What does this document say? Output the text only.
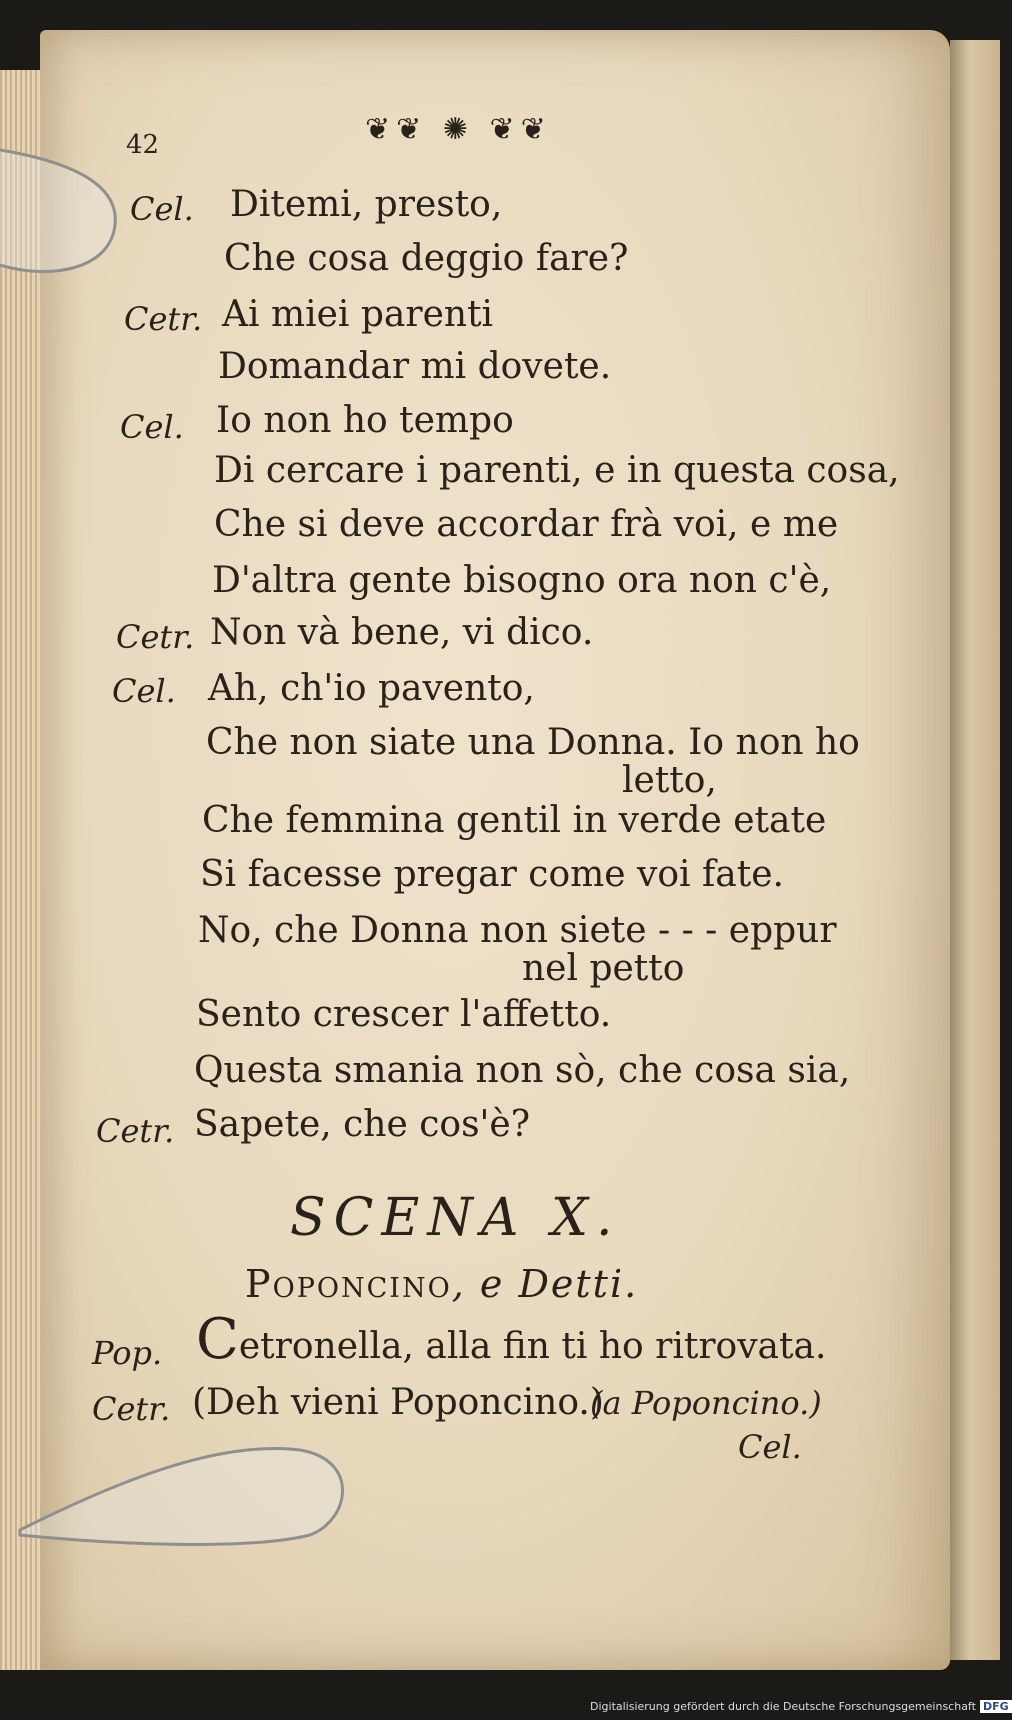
42	❦❦ ✺ ❦❦
Cel.
Cetr.
Cel.
Cetr.
Cel.
Cetr.
Ditemi, presto,
Che cosa deggio fare?
Ai miei parenti
Domandar mi dovete.
Io non ho tempo
Di cercare i parenti, e in questa cosa,
Che si deve accordar frà voi, e me
D'altra gente bisogno ora non c'è,
Non và bene, vi dico.
Ah, ch'io pavento,
Che non siate una Donna. Io non ho
letto,
Che femmina gentil in verde etate
Si facesse pregar come voi fate.
No, che Donna non siete - - - eppur
nel petto
Sento crescer l'affetto.
Questa smania non sò, che cosa sia,
Sapete, che cos'è?
SCENA X.
Poponcino, e Detti.
Pop. Cetronella, alla fin ti ho ritrovata.
Cetr. (Deh vieni Poponcino.)
(a Poponcino.)
Cel.
Digitalisierung gefördert durch die Deutsche Forschungsgemeinschaft DFG
